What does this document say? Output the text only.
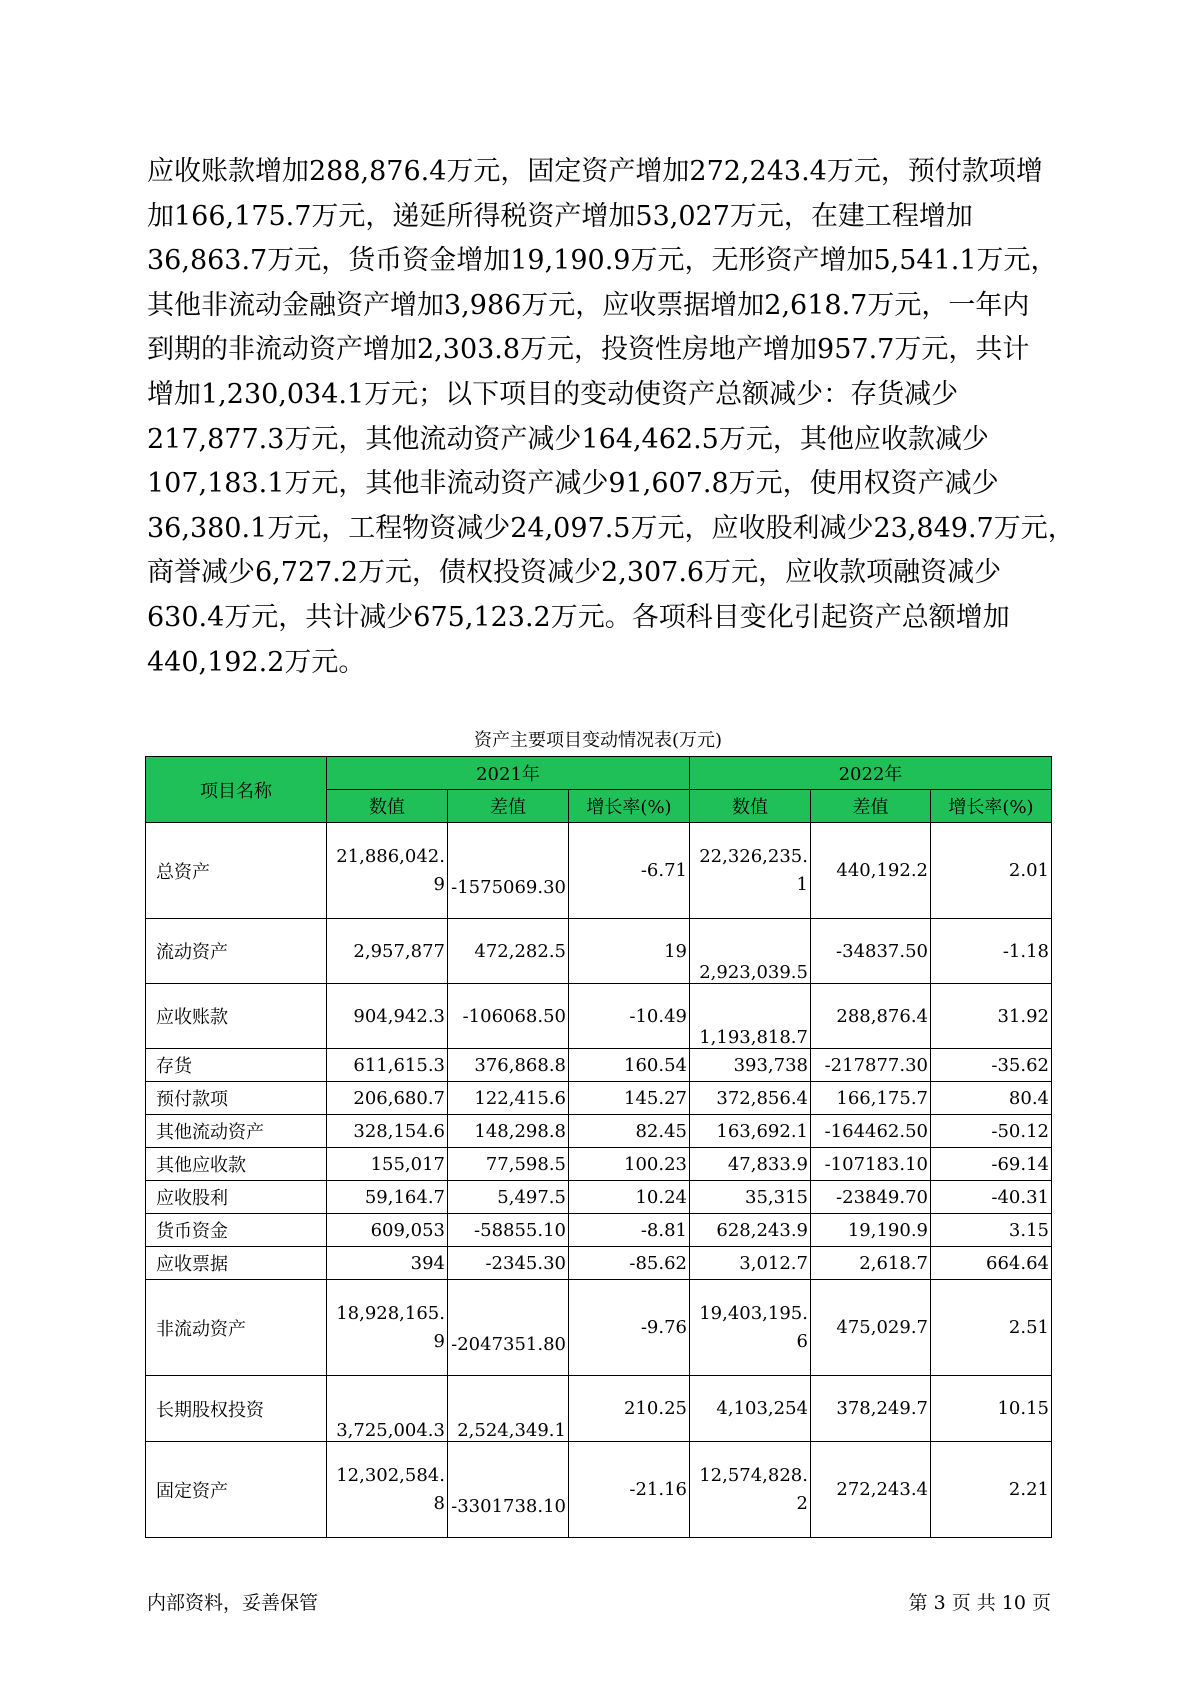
应收账款增加288,876.4万元，固定资产增加272,243.4万元，预付款项增
加166,175.7万元，递延所得税资产增加53,027万元，在建工程增加
36,863.7万元，货币资金增加19,190.9万元，无形资产增加5,541.1万元，
其他非流动金融资产增加3,986万元，应收票据增加2,618.7万元，一年内
到期的非流动资产增加2,303.8万元，投资性房地产增加957.7万元，共计
增加1,230,034.1万元；以下项目的变动使资产总额减少：存货减少
217,877.3万元，其他流动资产减少164,462.5万元，其他应收款减少
107,183.1万元，其他非流动资产减少91,607.8万元，使用权资产减少
36,380.1万元，工程物资减少24,097.5万元，应收股利减少23,849.7万元，
商誉减少6,727.2万元，债权投资减少2,307.6万元，应收款项融资减少
630.4万元，共计减少675,123.2万元。各项科目变化引起资产总额增加
440,192.2万元。
资产主要项目变动情况表(万元)
项目名称	2021年			2022年		
	数值	差值	增长率(%)	数值	差值	增长率(%)
总资产	21,886,042.9	-1575069.30	-6.71	22,326,235.1	440,192.2	2.01
流动资产	2,957,877	472,282.5	19	2,923,039.5	-34837.50	-1.18
应收账款	904,942.3	-106068.50	-10.49	1,193,818.7	288,876.4	31.92
存货	611,615.3	376,868.8	160.54	393,738	-217877.30	-35.62
预付款项	206,680.7	122,415.6	145.27	372,856.4	166,175.7	80.4
其他流动资产	328,154.6	148,298.8	82.45	163,692.1	-164462.50	-50.12
其他应收款	155,017	77,598.5	100.23	47,833.9	-107183.10	-69.14
应收股利	59,164.7	5,497.5	10.24	35,315	-23849.70	-40.31
货币资金	609,053	-58855.10	-8.81	628,243.9	19,190.9	3.15
应收票据	394	-2345.30	-85.62	3,012.7	2,618.7	664.64
非流动资产	18,928,165.9	-2047351.80	-9.76	19,403,195.6	475,029.7	2.51
长期股权投资	3,725,004.3	2,524,349.1	210.25	4,103,254	378,249.7	10.15
固定资产	12,302,584.8	-3301738.10	-21.16	12,574,828.2	272,243.4	2.21
内部资料，妥善保管	第 3 页 共 10 页
